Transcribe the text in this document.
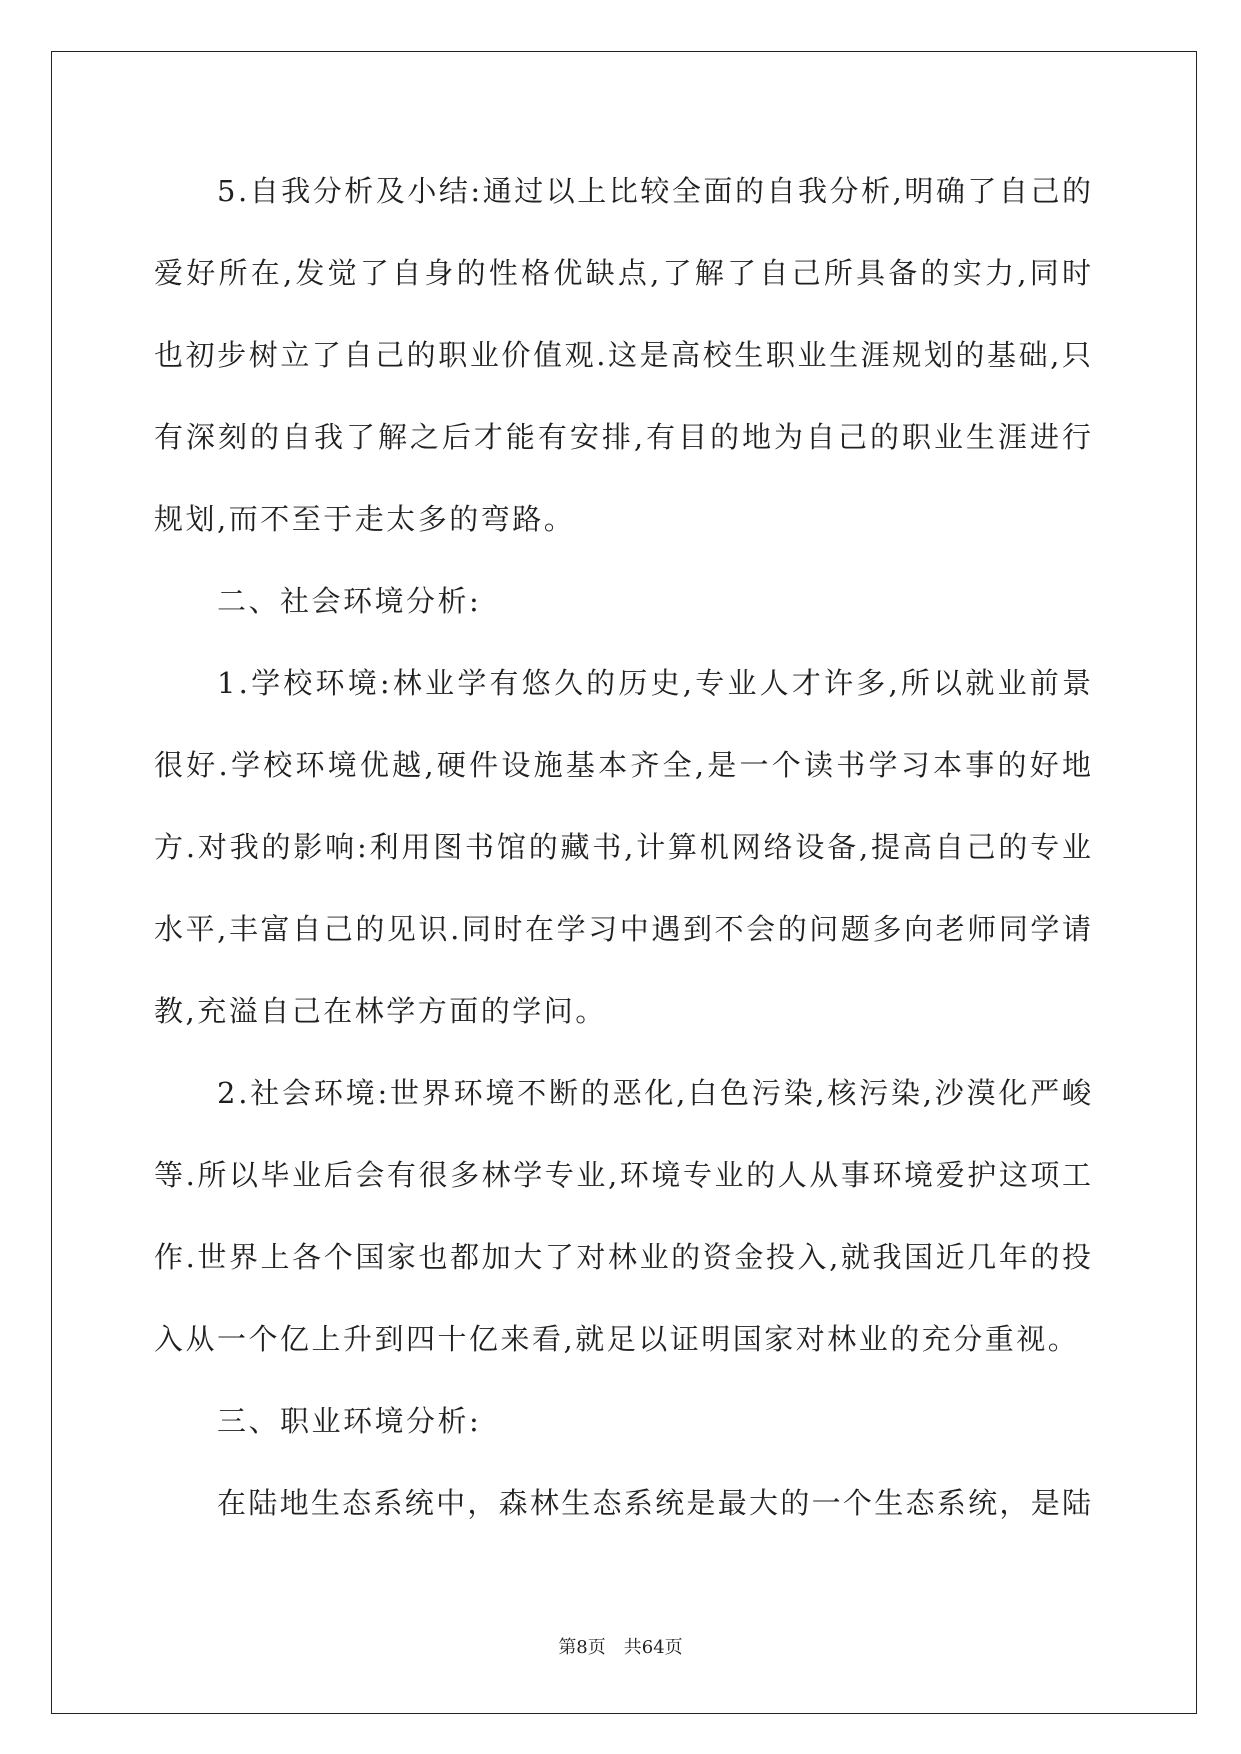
5.自我分析及小结:通过以上比较全面的自我分析,明确了自己的
爱好所在,发觉了自身的性格优缺点,了解了自己所具备的实力,同时
也初步树立了自己的职业价值观.这是高校生职业生涯规划的基础,只
有深刻的自我了解之后才能有安排,有目的地为自己的职业生涯进行
规划,而不至于走太多的弯路。
二、社会环境分析:
1.学校环境:林业学有悠久的历史,专业人才许多,所以就业前景
很好.学校环境优越,硬件设施基本齐全,是一个读书学习本事的好地
方.对我的影响:利用图书馆的藏书,计算机网络设备,提高自己的专业
水平,丰富自己的见识.同时在学习中遇到不会的问题多向老师同学请
教,充溢自己在林学方面的学问。
2.社会环境:世界环境不断的恶化,白色污染,核污染,沙漠化严峻
等.所以毕业后会有很多林学专业,环境专业的人从事环境爱护这项工
作.世界上各个国家也都加大了对林业的资金投入,就我国近几年的投
入从一个亿上升到四十亿来看,就足以证明国家对林业的充分重视。
三、职业环境分析:
在陆地生态系统中，森林生态系统是最大的一个生态系统，是陆
第8页 共64页
